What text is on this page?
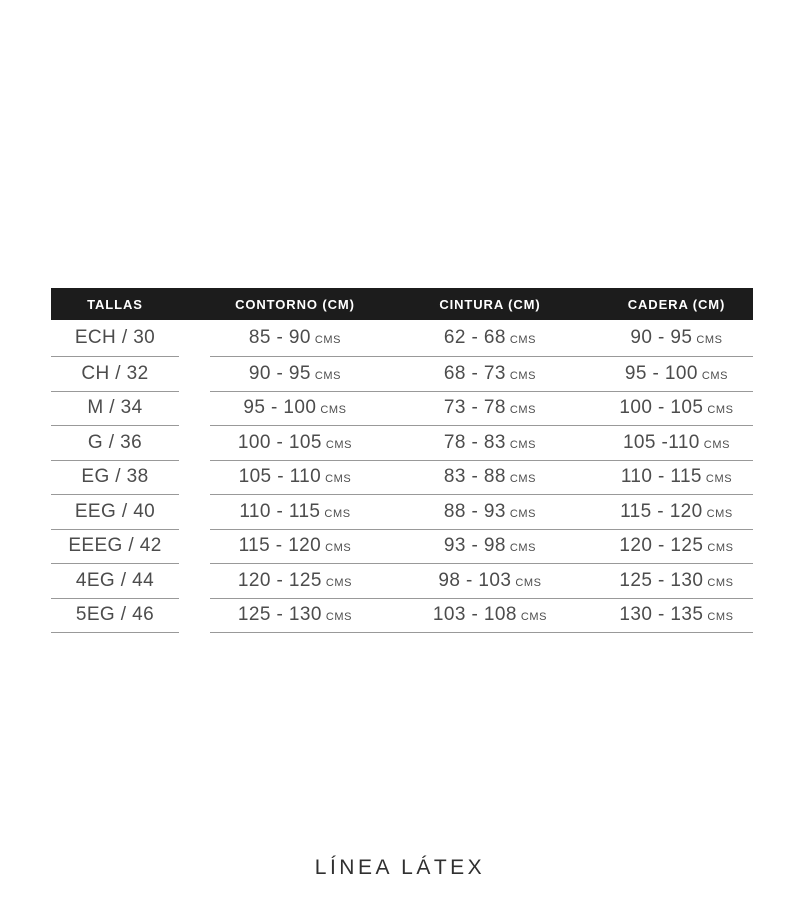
TALLAS	CONTORNO (CM)	CINTURA (CM)	CADERA (CM)
ECH / 30	85 - 90 CMS	62 - 68 CMS	90 - 95 CMS
CH / 32	90 - 95 CMS	68 - 73 CMS	95 - 100 CMS
M / 34	95 - 100 CMS	73 - 78 CMS	100 - 105 CMS
G / 36	100 - 105 CMS	78 - 83 CMS	105 -110 CMS
EG / 38	105 - 110 CMS	83 - 88 CMS	110 - 115 CMS
EEG / 40	110 - 115 CMS	88 - 93 CMS	115 - 120 CMS
EEEG / 42	115 - 120 CMS	93 - 98 CMS	120 - 125 CMS
4EG / 44	120 - 125 CMS	98 - 103 CMS	125 - 130 CMS
5EG / 46	125 - 130 CMS	103 - 108 CMS	130 - 135 CMS
LÍNEA LÁTEX
